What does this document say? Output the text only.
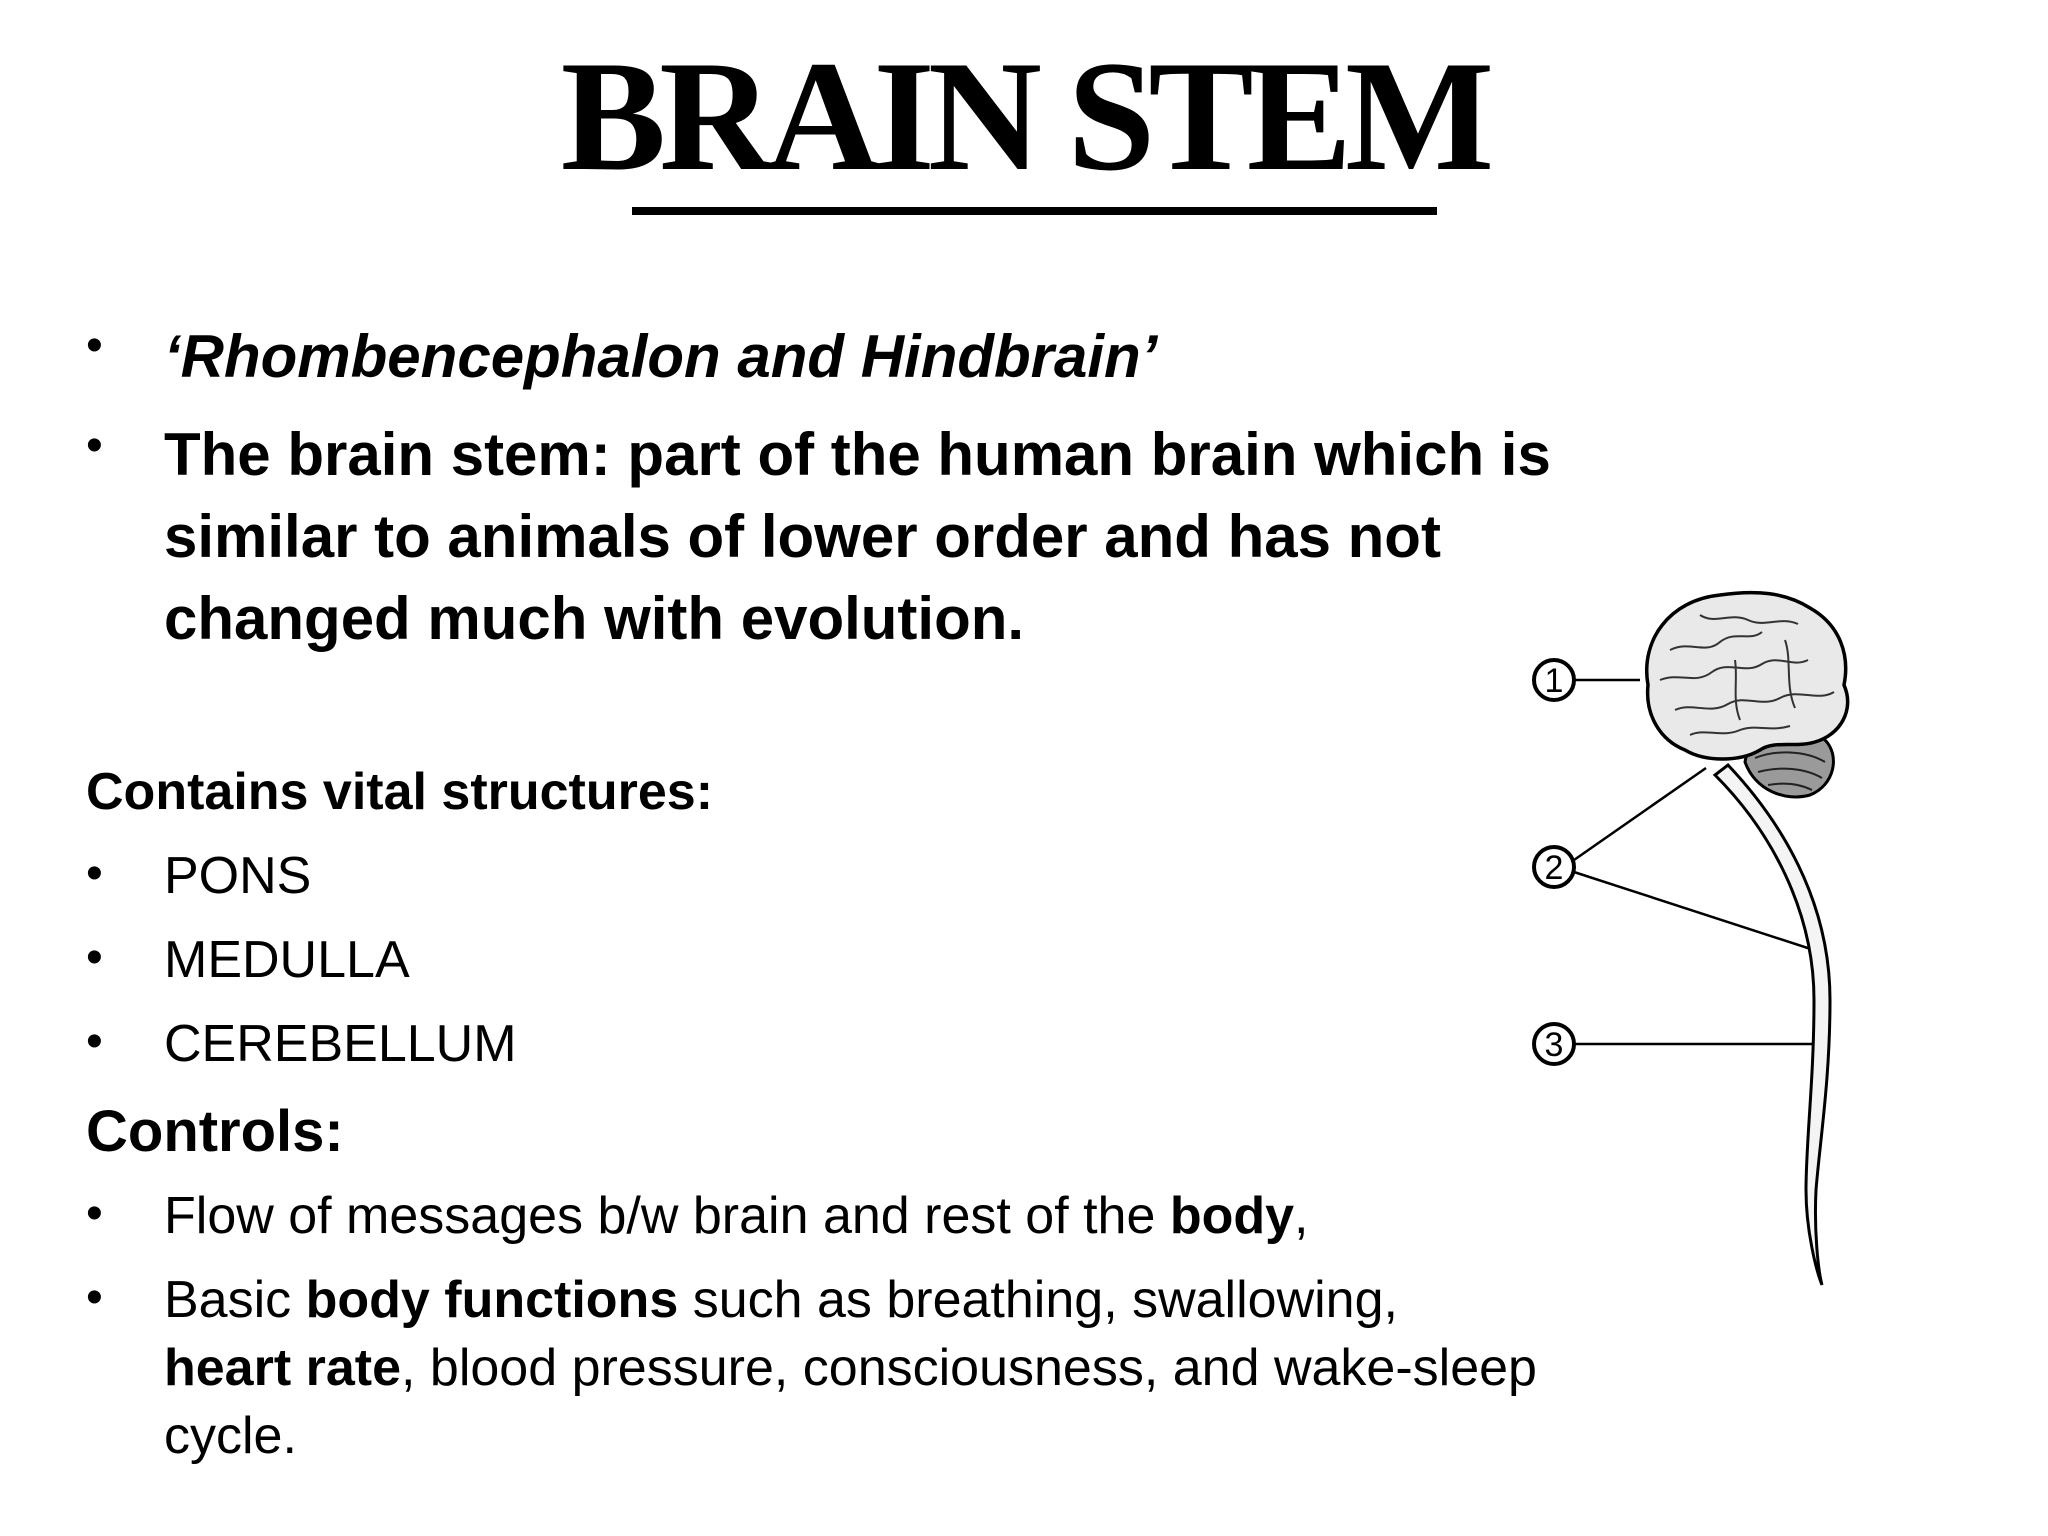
BRAIN STEM
• ‘Rhombencephalon and Hindbrain’
• The brain stem: part of the human brain which is
similar to animals of lower order and has not
changed much with evolution.
Contains vital structures:
• PONS
• MEDULLA
• CEREBELLUM
Controls:
• Flow of messages b/w brain and rest of the body,
• Basic body functions such as breathing, swallowing,
heart rate, blood pressure, consciousness, and wake-sleep
cycle.
1
2
3
